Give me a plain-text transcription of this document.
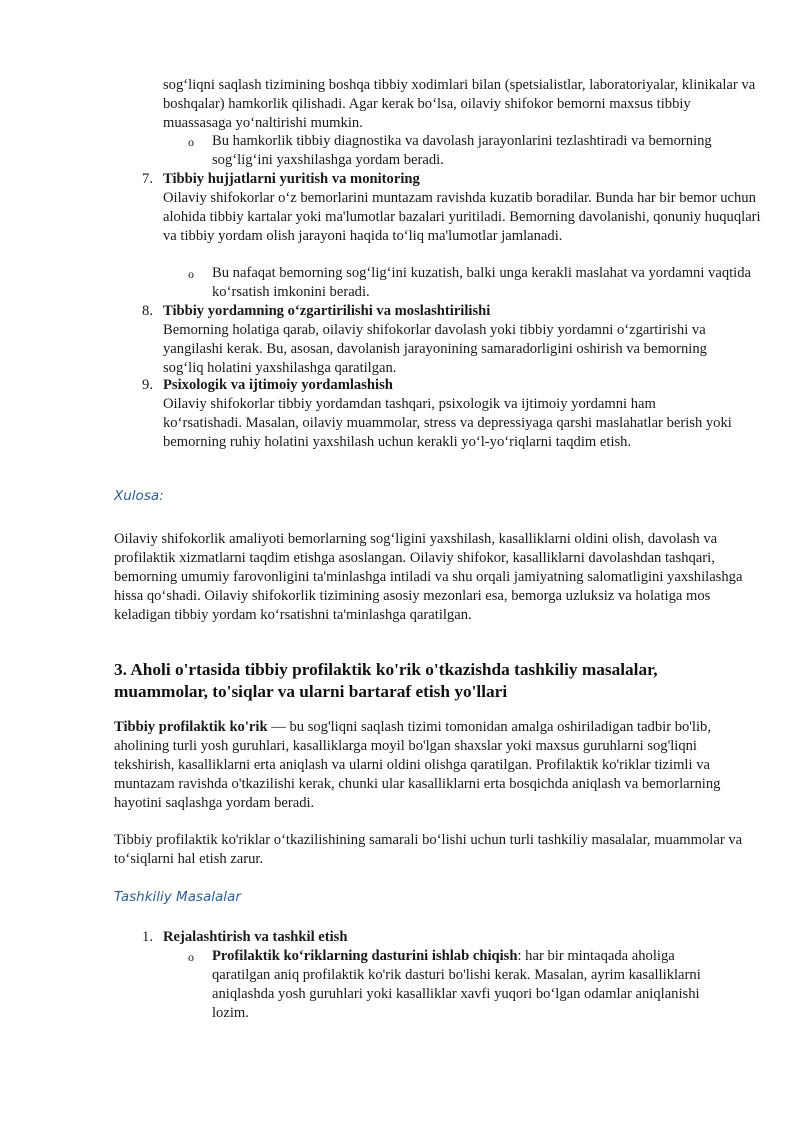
sog‘liqni saqlash tizimining boshqa tibbiy xodimlari bilan (spetsialistlar, laboratoriyalar, klinikalar va boshqalar) hamkorlik qilishadi. Agar kerak bo‘lsa, oilaviy shifokor bemorni maxsus tibbiy muassasaga yo‘naltirishi mumkin.

o Bu hamkorlik tibbiy diagnostika va davolash jarayonlarini tezlashtiradi va bemorning sog‘lig‘ini yaxshilashga yordam beradi.

7. Tibbiy hujjatlarni yuritish va monitoring

Oilaviy shifokorlar o‘z bemorlarini muntazam ravishda kuzatib boradilar. Bunda har bir bemor uchun alohida tibbiy kartalar yoki ma'lumotlar bazalari yuritiladi. Bemorning davolanishi, qonuniy huquqlari va tibbiy yordam olish jarayoni haqida to‘liq ma'lumotlar jamlanadi.

o Bu nafaqat bemorning sog‘lig‘ini kuzatish, balki unga kerakli maslahat va yordamni vaqtida ko‘rsatish imkonini beradi.

8. Tibbiy yordamning o‘zgartirilishi va moslashtirilishi

Bemorning holatiga qarab, oilaviy shifokorlar davolash yoki tibbiy yordamni o‘zgartirishi va yangilashi kerak. Bu, asosan, davolanish jarayonining samaradorligini oshirish va bemorning sog‘liq holatini yaxshilashga qaratilgan.

9. Psixologik va ijtimoiy yordamlashish

Oilaviy shifokorlar tibbiy yordamdan tashqari, psixologik va ijtimoiy yordamni ham ko‘rsatishadi. Masalan, oilaviy muammolar, stress va depressiyaga qarshi maslahatlar berish yoki bemorning ruhiy holatini yaxshilash uchun kerakli yo‘l-yo‘riqlarni taqdim etish.

Xulosa:

Oilaviy shifokorlik amaliyoti bemorlarning sog‘ligini yaxshilash, kasalliklarni oldini olish, davolash va profilaktik xizmatlarni taqdim etishga asoslangan. Oilaviy shifokor, kasalliklarni davolashdan tashqari, bemorning umumiy farovonligini ta'minlashga intiladi va shu orqali jamiyatning salomatligini yaxshilashga hissa qo‘shadi. Oilaviy shifokorlik tizimining asosiy mezonlari esa, bemorga uzluksiz va holatiga mos keladigan tibbiy yordam ko‘rsatishni ta'minlashga qaratilgan.

3. Aholi o'rtasida tibbiy profilaktik ko'rik o'tkazishda tashkiliy masalalar, muammolar, to'siqlar va ularni bartaraf etish yo'llari

Tibbiy profilaktik ko'rik — bu sog'liqni saqlash tizimi tomonidan amalga oshiriladigan tadbir bo'lib, aholining turli yosh guruhlari, kasalliklarga moyil bo'lgan shaxslar yoki maxsus guruhlarni sog'liqni tekshirish, kasalliklarni erta aniqlash va ularni oldini olishga qaratilgan. Profilaktik ko'riklar tizimli va muntazam ravishda o'tkazilishi kerak, chunki ular kasalliklarni erta bosqichda aniqlash va bemorlarning hayotini saqlashga yordam beradi.

Tibbiy profilaktik ko'riklar o‘tkazilishining samarali bo‘lishi uchun turli tashkiliy masalalar, muammolar va to‘siqlarni hal etish zarur.

Tashkiliy Masalalar
1. Rejalashtirish va tashkil etish

o Profilaktik ko‘riklarning dasturini ishlab chiqish: har bir mintaqada aholiga qaratilgan aniq profilaktik ko'rik dasturi bo'lishi kerak. Masalan, ayrim kasalliklarni aniqlashda yosh guruhlari yoki kasalliklar xavfi yuqori bo‘lgan odamlar aniqlanishi lozim.
